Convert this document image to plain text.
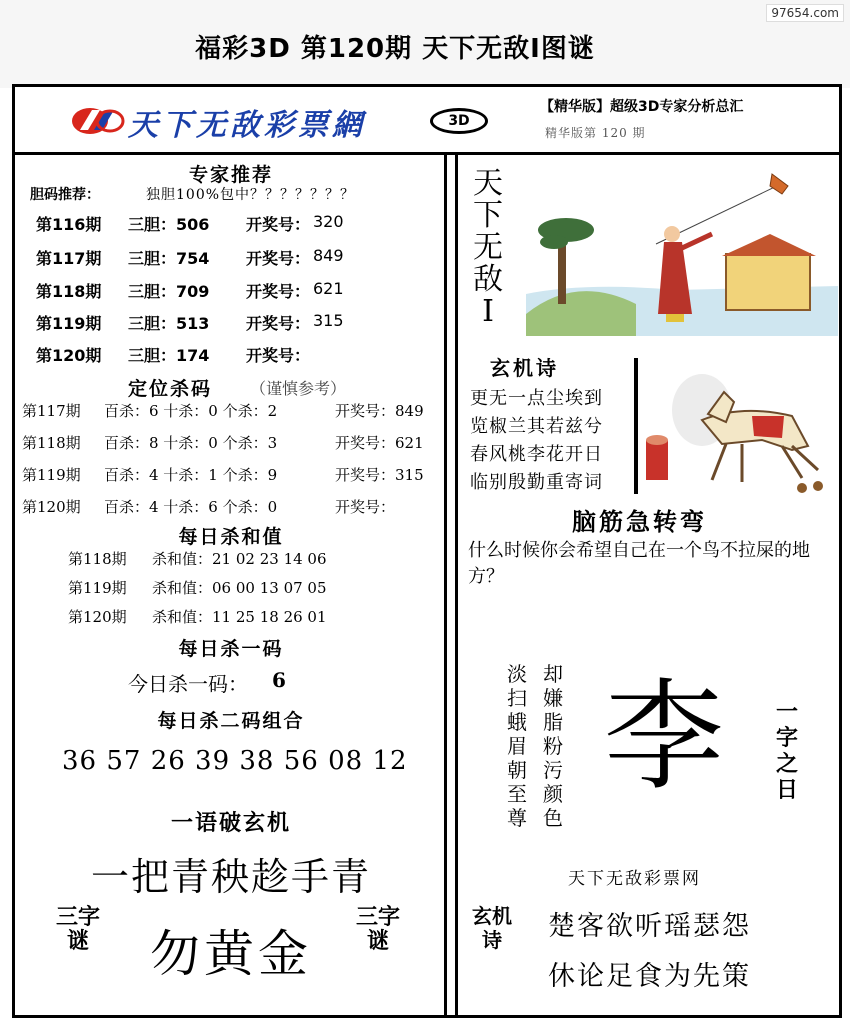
97654.com
福彩3D 第120期 天下无敌Ⅰ图谜
天下无敌彩票網	3D
【精华版】超级3D专家分析总汇
精华版第 120 期
专家推荐
胆码推荐：	独胆100%包中？？？？？？？
第116期 三胆：506 开奖号： 320
第117期 三胆：754 开奖号： 849
第118期 三胆：709 开奖号： 621
第119期 三胆：513 开奖号： 315
第120期 三胆：174 开奖号：
定位杀码 （谨慎参考）
第117期 百杀：6 十杀：0 个杀：2	开奖号：849
第118期 百杀：8 十杀：0 个杀：3	开奖号：621
第119期 百杀：4 十杀：1 个杀：9	开奖号：315
第120期 百杀：4 十杀：6 个杀：0	开奖号：
每日杀和值
第118期 杀和值：21 02 23 14 06
第119期 杀和值：06 00 13 07 05
第120期 杀和值：11 25 18 26 01
每日杀一码
今日杀一码： 6
每日杀二码组合
36 57 26 39 38 56 08 12
一语破玄机
一把青秧趁手青
三字谜 勿黄金
三字谜
天下无敌Ⅰ
玄机诗
更无一点尘埃到
览椒兰其若兹兮
春风桃李花开日
临别殷勤重寄词
脑筋急转弯
什么时候你会希望自己在一个鸟不拉屎的地方？
淡扫蛾眉朝至尊
却嫌脂粉污颜色
李	一字之日
天下无敌彩票网
玄机诗	楚客欲听瑶瑟怨
休论足食为先策
